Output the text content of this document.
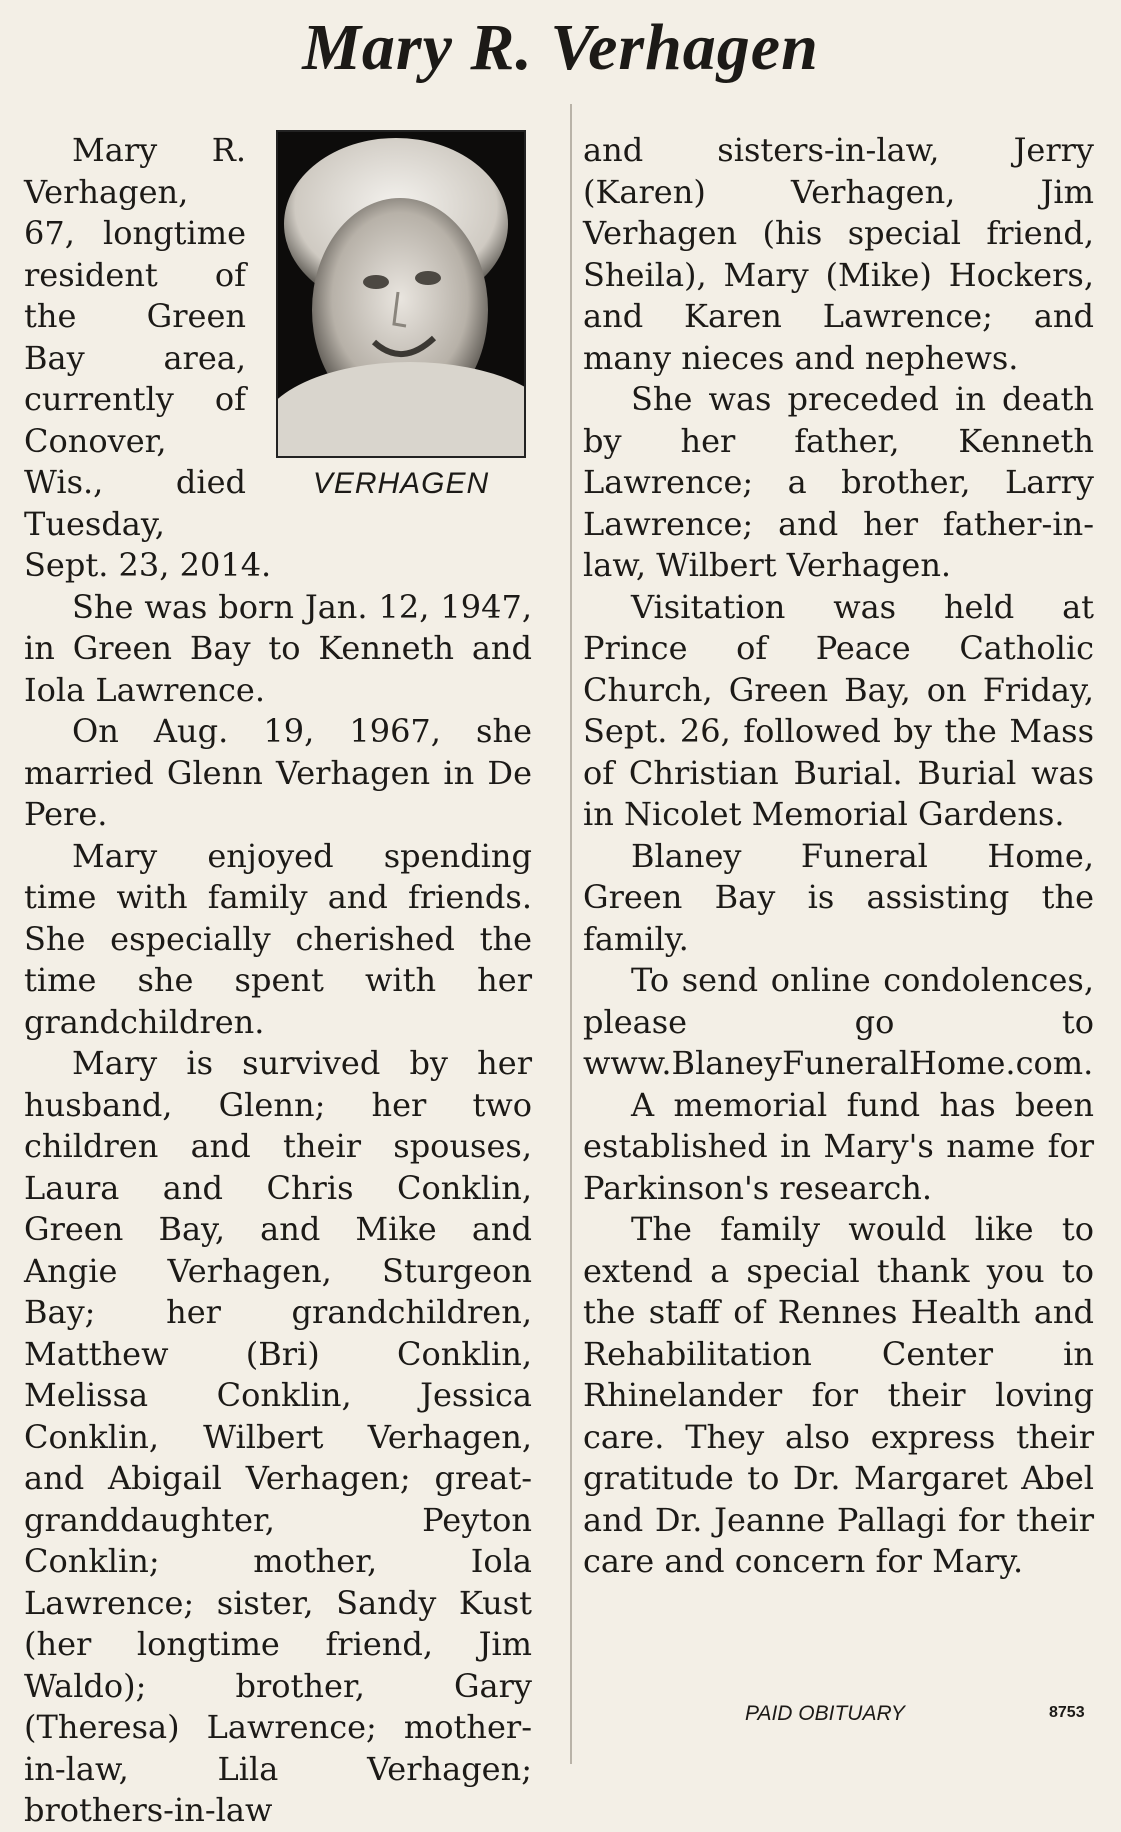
Mary R. Verhagen
VERHAGEN

Mary R. Verhagen, 67, longtime resident of the Green Bay area, currently of Conover, Wis., died Tuesday, Sept. 23, 2014.

She was born Jan. 12, 1947, in Green Bay to Kenneth and Iola Lawrence.

On Aug. 19, 1967, she married Glenn Verhagen in De Pere.

Mary enjoyed spending time with family and friends. She especially cherished the time she spent with her grandchildren.

Mary is survived by her husband, Glenn; her two children and their spouses, Laura and Chris Conklin, Green Bay, and Mike and Angie Verhagen, Sturgeon Bay; her grandchildren, Matthew (Bri) Conklin, Melissa Conklin, Jessica Conklin, Wilbert Verhagen, and Abigail Verhagen; great-granddaughter, Peyton Conklin; mother, Iola Lawrence; sister, Sandy Kust (her longtime friend, Jim Waldo); brother, Gary (Theresa) Lawrence; mother-in-law, Lila Verhagen; brothers-in-law

and sisters-in-law, Jerry (Karen) Verhagen, Jim Verhagen (his special friend, Sheila), Mary (Mike) Hockers, and Karen Lawrence; and many nieces and nephews.

She was preceded in death by her father, Kenneth Lawrence; a brother, Larry Lawrence; and her father-in-law, Wilbert Verhagen.

Visitation was held at Prince of Peace Catholic Church, Green Bay, on Friday, Sept. 26, followed by the Mass of Christian Burial. Burial was in Nicolet Memorial Gardens.

Blaney Funeral Home, Green Bay is assisting the family.

To send online condolences, please go to www.BlaneyFuneralHome.com.

A memorial fund has been established in Mary's name for Parkinson's research.

The family would like to extend a special thank you to the staff of Rennes Health and Rehabilitation Center in Rhinelander for their loving care. They also express their gratitude to Dr. Margaret Abel and Dr. Jeanne Pallagi for their care and concern for Mary.

PAID OBITUARY	8753
